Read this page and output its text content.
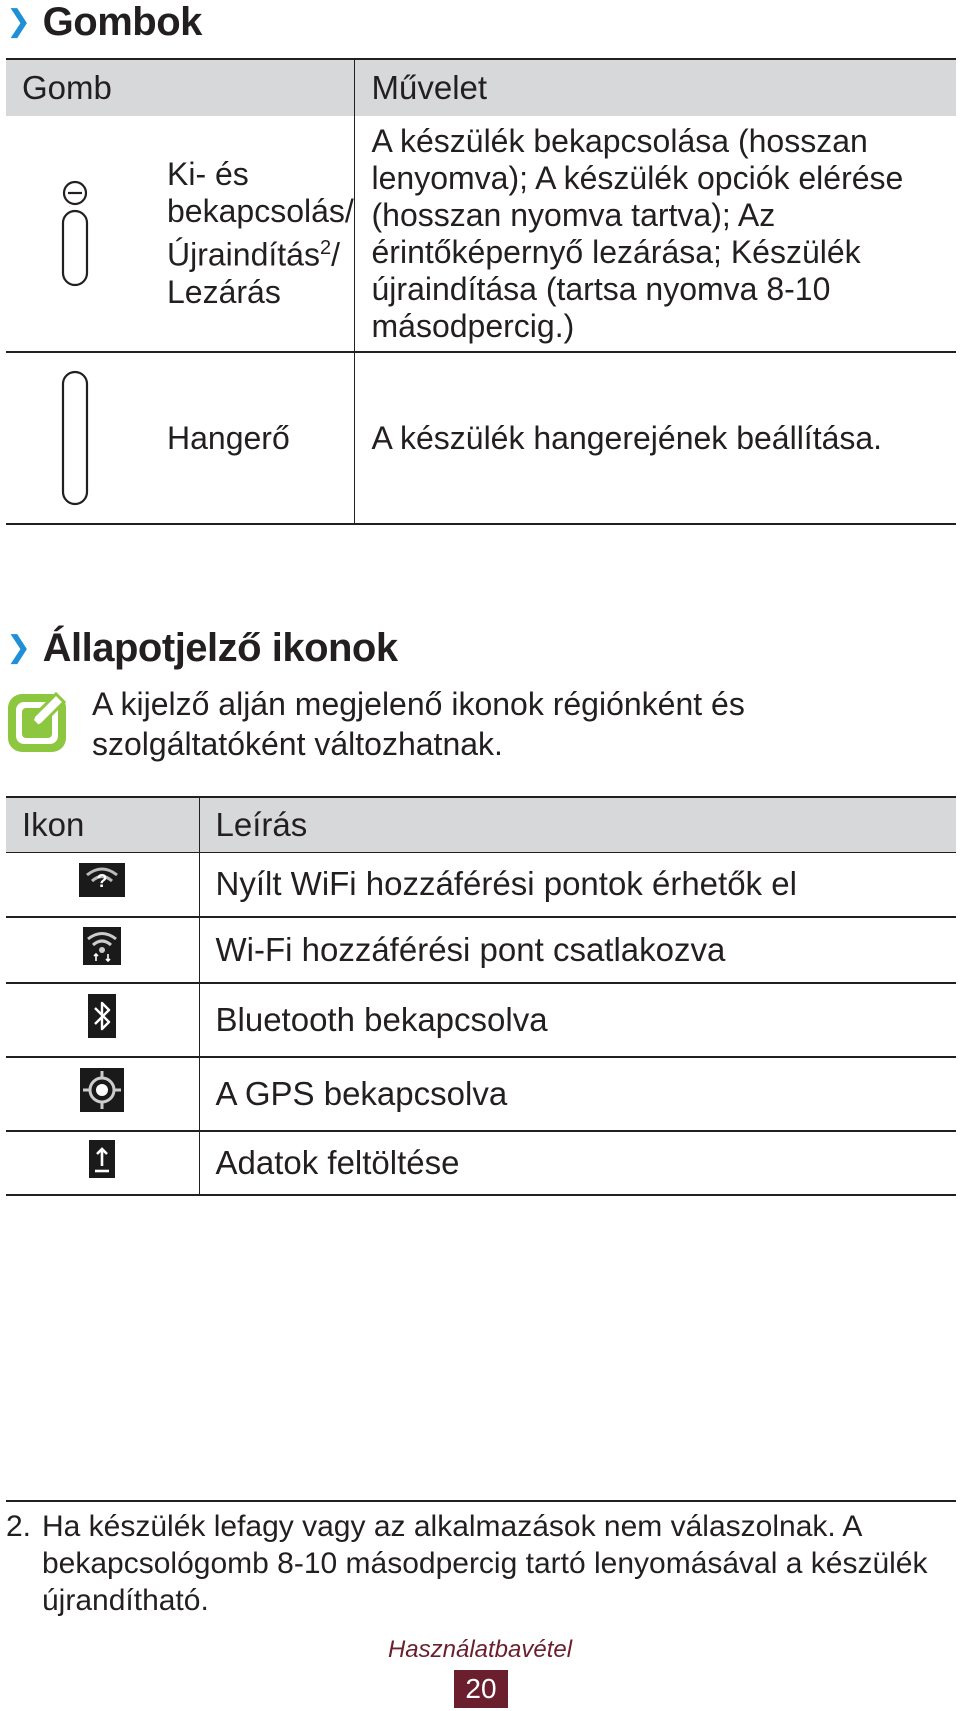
❯ Gombok
Gomb	Művelet

Ki- és bekapcsolás/ Újraindítás$^2$/ Lezárás	A készülék bekapcsolása (hosszan lenyomva); A készülék opciók elérése (hosszan nyomva tartva); Az érintőképernyő lezárása; Készülék újraindítása (tartsa nyomva 8-10 másodpercig.)

Hangerő	A készülék hangerejének beállítása.
❯ Állapotjelző ikonok
A kijelző alján megjelenő ikonok régiónként és szolgáltatóként változhatnak.
Ikon	Leírás

?	Nyílt WiFi hozzáférési pontok érhetők el
	Wi-Fi hozzáférési pont csatlakozva
	Bluetooth bekapcsolva
	A GPS bekapcsolva
	Adatok feltöltése
2. Ha készülék lefagy vagy az alkalmazások nem válaszolnak. A bekapcsológomb 8-10 másodpercig tartó lenyomásával a készülék újrandítható.
Használatbavétel
20
